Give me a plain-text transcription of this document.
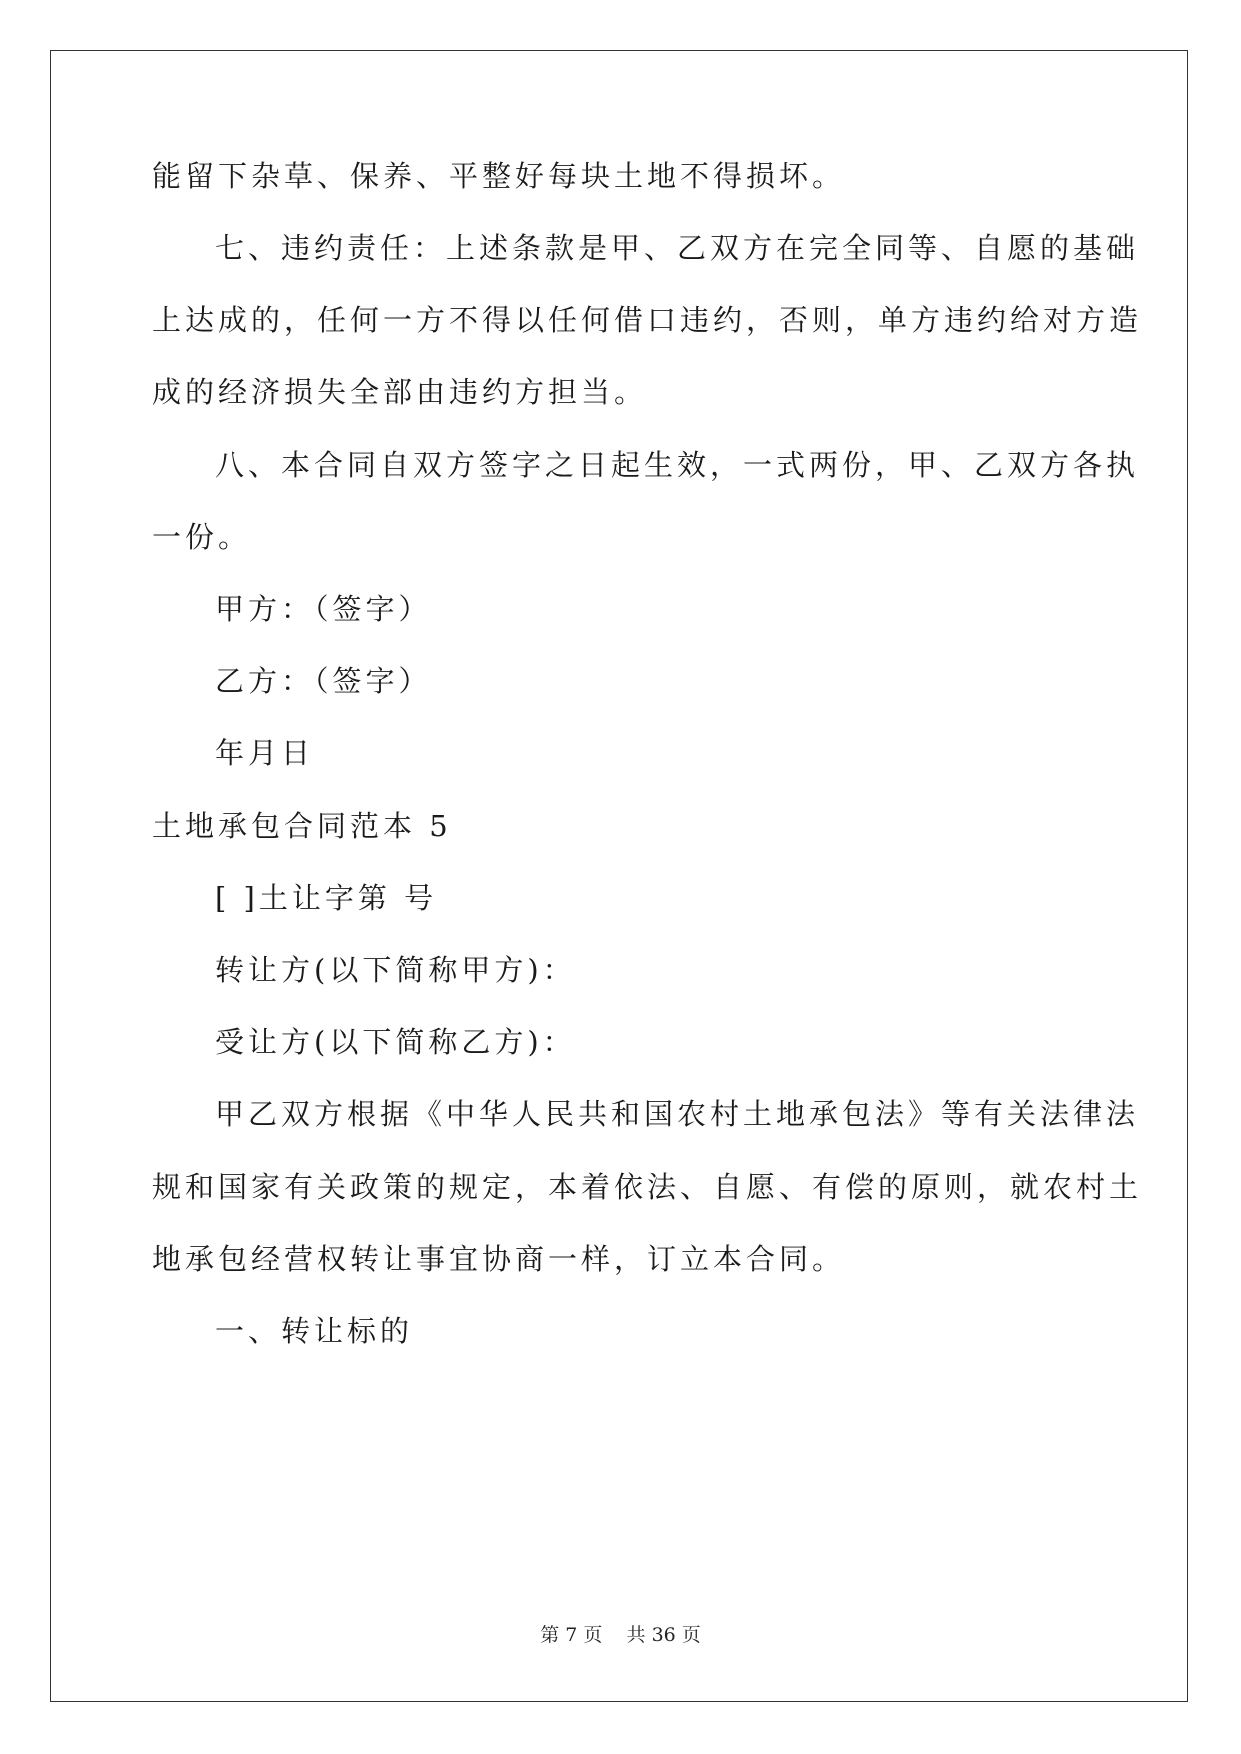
能留下杂草、保养、平整好每块土地不得损坏。
七、违约责任：上述条款是甲、乙双方在完全同等、自愿的基础
上达成的，任何一方不得以任何借口违约，否则，单方违约给对方造
成的经济损失全部由违约方担当。
八、本合同自双方签字之日起生效，一式两份，甲、乙双方各执
一份。
甲方：（签字）
乙方：（签字）
年月日
土地承包合同范本 5
[ ]土让字第 号
转让方(以下简称甲方)：
受让方(以下简称乙方)：
甲乙双方根据《中华人民共和国农村土地承包法》等有关法律法
规和国家有关政策的规定，本着依法、自愿、有偿的原则，就农村土
地承包经营权转让事宜协商一样，订立本合同。
一、转让标的
第 7 页    共 36 页
